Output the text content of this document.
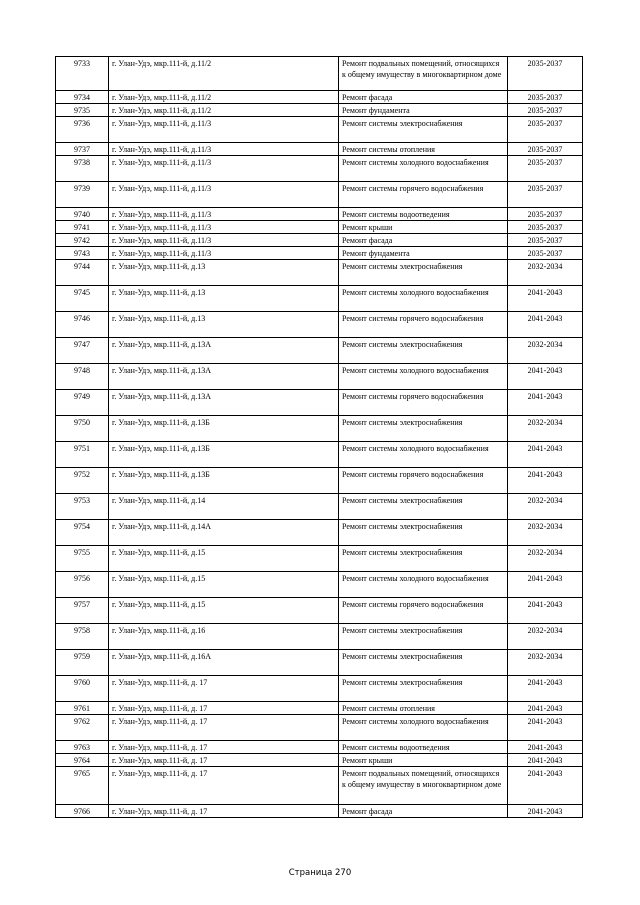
9733	г. Улан-Удэ, мкр.111-й, д.11/2	Ремонт подвальных помещений, относящихся к общему имуществу в многоквартирном доме	2035-2037
9734	г. Улан-Удэ, мкр.111-й, д.11/2	Ремонт фасада	2035-2037
9735	г. Улан-Удэ, мкр.111-й, д.11/2	Ремонт фундамента	2035-2037
9736	г. Улан-Удэ, мкр.111-й, д.11/3	Ремонт системы электроснабжения	2035-2037
9737	г. Улан-Удэ, мкр.111-й, д.11/3	Ремонт системы отопления	2035-2037
9738	г. Улан-Удэ, мкр.111-й, д.11/3	Ремонт системы холодного водоснабжения	2035-2037
9739	г. Улан-Удэ, мкр.111-й, д.11/3	Ремонт системы горячего водоснабжения	2035-2037
9740	г. Улан-Удэ, мкр.111-й, д.11/3	Ремонт системы водоотведения	2035-2037
9741	г. Улан-Удэ, мкр.111-й, д.11/3	Ремонт крыши	2035-2037
9742	г. Улан-Удэ, мкр.111-й, д.11/3	Ремонт фасада	2035-2037
9743	г. Улан-Удэ, мкр.111-й, д.11/3	Ремонт фундамента	2035-2037
9744	г. Улан-Удэ, мкр.111-й, д.13	Ремонт системы электроснабжения	2032-2034
9745	г. Улан-Удэ, мкр.111-й, д.13	Ремонт системы холодного водоснабжения	2041-2043
9746	г. Улан-Удэ, мкр.111-й, д.13	Ремонт системы горячего водоснабжения	2041-2043
9747	г. Улан-Удэ, мкр.111-й, д.13А	Ремонт системы электроснабжения	2032-2034
9748	г. Улан-Удэ, мкр.111-й, д.13А	Ремонт системы холодного водоснабжения	2041-2043
9749	г. Улан-Удэ, мкр.111-й, д.13А	Ремонт системы горячего водоснабжения	2041-2043
9750	г. Улан-Удэ, мкр.111-й, д.13Б	Ремонт системы электроснабжения	2032-2034
9751	г. Улан-Удэ, мкр.111-й, д.13Б	Ремонт системы холодного водоснабжения	2041-2043
9752	г. Улан-Удэ, мкр.111-й, д.13Б	Ремонт системы горячего водоснабжения	2041-2043
9753	г. Улан-Удэ, мкр.111-й, д.14	Ремонт системы электроснабжения	2032-2034
9754	г. Улан-Удэ, мкр.111-й, д.14А	Ремонт системы электроснабжения	2032-2034
9755	г. Улан-Удэ, мкр.111-й, д.15	Ремонт системы электроснабжения	2032-2034
9756	г. Улан-Удэ, мкр.111-й, д.15	Ремонт системы холодного водоснабжения	2041-2043
9757	г. Улан-Удэ, мкр.111-й, д.15	Ремонт системы горячего водоснабжения	2041-2043
9758	г. Улан-Удэ, мкр.111-й, д.16	Ремонт системы электроснабжения	2032-2034
9759	г. Улан-Удэ, мкр.111-й, д.16А	Ремонт системы электроснабжения	2032-2034
9760	г. Улан-Удэ, мкр.111-й, д. 17	Ремонт системы электроснабжения	2041-2043
9761	г. Улан-Удэ, мкр.111-й, д. 17	Ремонт системы отопления	2041-2043
9762	г. Улан-Удэ, мкр.111-й, д. 17	Ремонт системы холодного водоснабжения	2041-2043
9763	г. Улан-Удэ, мкр.111-й, д. 17	Ремонт системы водоотведения	2041-2043
9764	г. Улан-Удэ, мкр.111-й, д. 17	Ремонт крыши	2041-2043
9765	г. Улан-Удэ, мкр.111-й, д. 17	Ремонт подвальных помещений, относящихся к общему имуществу в многоквартирном доме	2041-2043
9766	г. Улан-Удэ, мкр.111-й, д. 17	Ремонт фасада	2041-2043
Страница 270
